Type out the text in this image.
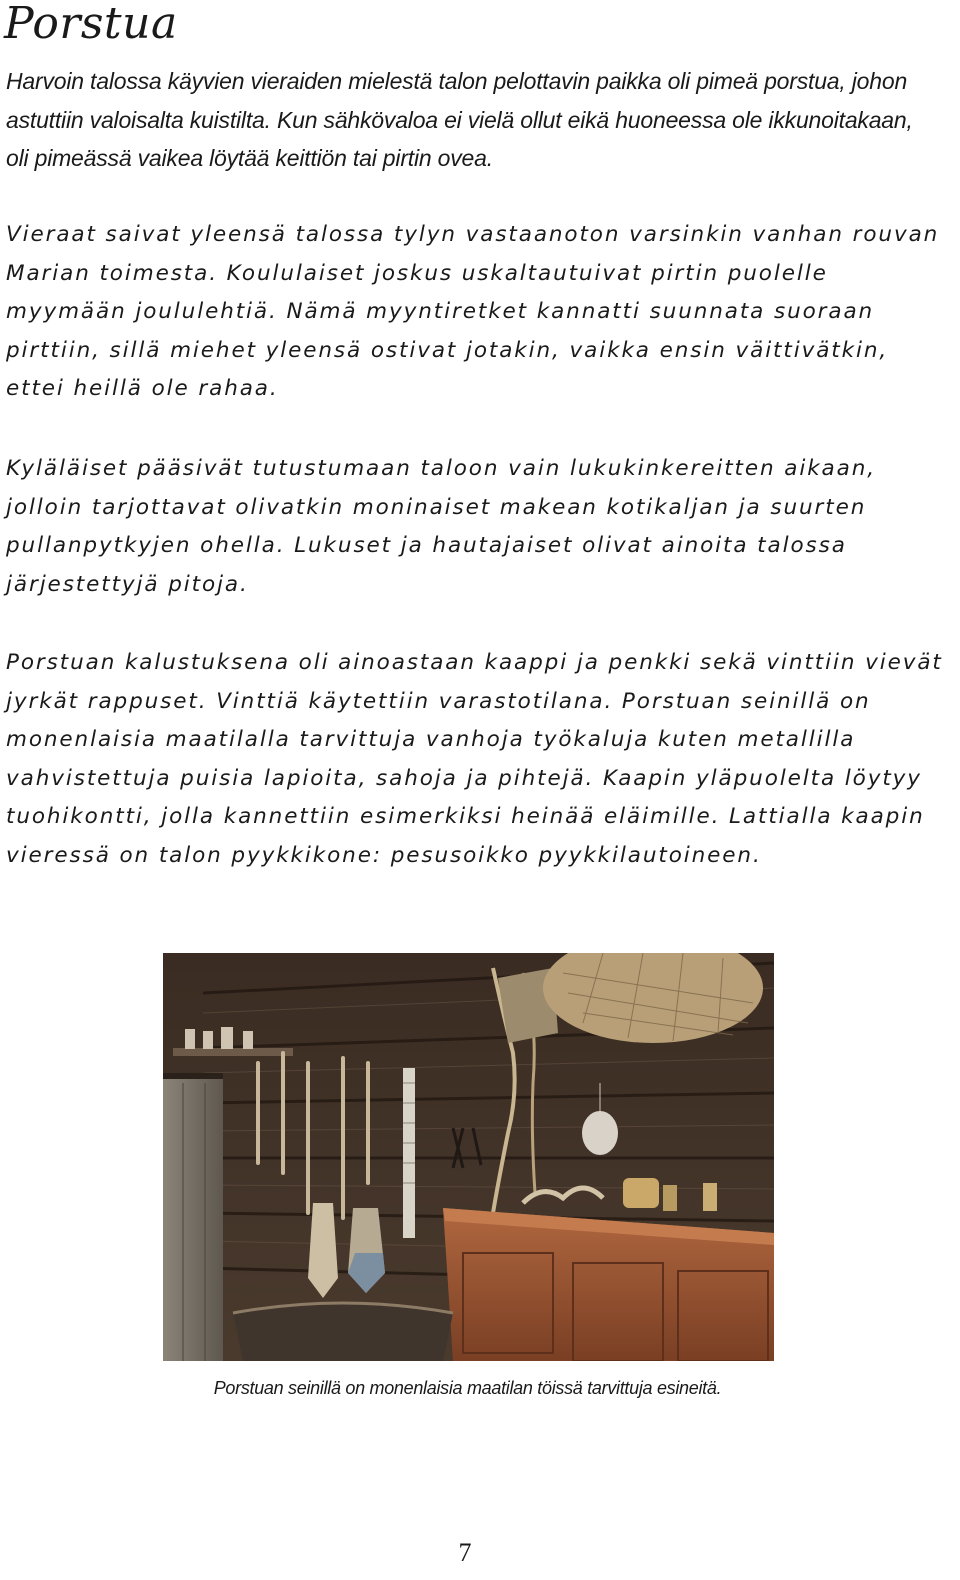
Porstua

Harvoin talossa käyvien vieraiden mielestä talon pelottavin paikka oli pimeä porstua, johon astuttiin valoisalta kuistilta. Kun sähkövaloa ei vielä ollut eikä huoneessa ole ikkunoitakaan, oli pimeässä vaikea löytää keittiön tai pirtin ovea.

Vieraat saivat yleensä talossa tylyn vastaanoton varsinkin vanhan rouvan Marian toimesta. Koululaiset joskus uskaltautuivat pirtin puolelle myymään joululehtiä. Nämä myyntiretket kannatti suunnata suoraan pirttiin, sillä miehet yleensä ostivat jotakin, vaikka ensin väittivätkin, ettei heillä ole rahaa.

Kyläläiset pääsivät tutustumaan taloon vain lukukinkereitten aikaan, jolloin tarjottavat olivatkin moninaiset makean kotikaljan ja suurten pullanpytkyjen ohella. Lukuset ja hautajaiset olivat ainoita talossa järjestettyjä pitoja.

Porstuan kalustuksena oli ainoastaan kaappi ja penkki sekä vinttiin vievät jyrkät rappuset. Vinttiä käytettiin varastotilana. Porstuan seinillä on monenlaisia maatilalla tarvittuja vanhoja työkaluja kuten metallilla vahvistettuja puisia lapioita, sahoja ja pihtejä. Kaapin yläpuolelta löytyy tuohikontti, jolla kannettiin esimerkiksi heinää eläimille. Lattialla kaapin vieressä on talon pyykkikone: pesusoikko pyykkilautoineen.

Porstuan seinillä on monenlaisia maatilan töissä tarvittuja esineitä.

7
